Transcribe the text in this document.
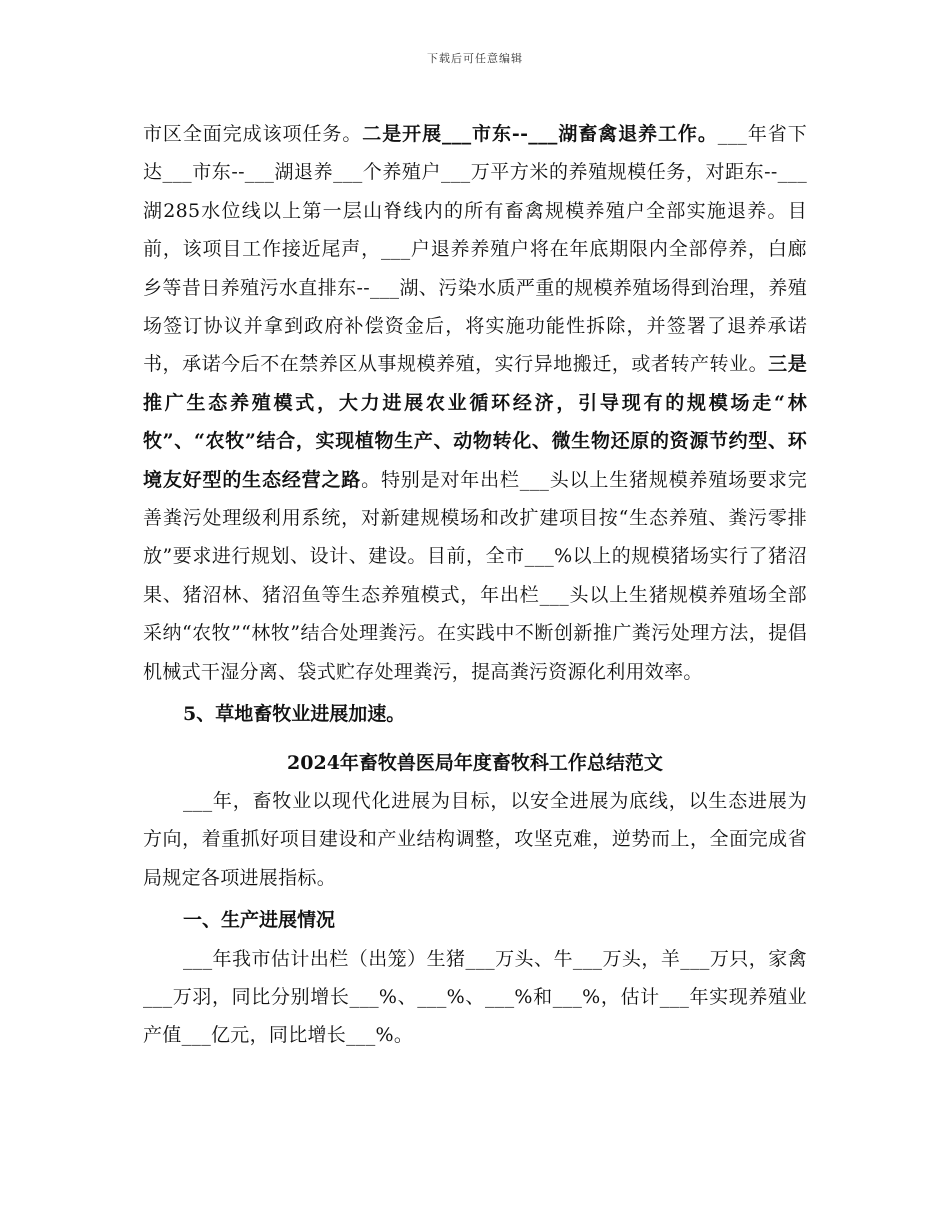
下载后可任意编辑

市区全面完成该项任务。二是开展___市东--___湖畜禽退养工作。___年省下达___市东--___湖退养___个养殖户___万平方米的养殖规模任务，对距东--___湖285水位线以上第一层山脊线内的所有畜禽规模养殖户全部实施退养。目前，该项目工作接近尾声，___户退养养殖户将在年底期限内全部停养，白廊乡等昔日养殖污水直排东--___湖、污染水质严重的规模养殖场得到治理，养殖场签订协议并拿到政府补偿资金后，将实施功能性拆除，并签署了退养承诺书，承诺今后不在禁养区从事规模养殖，实行异地搬迁，或者转产转业。三是推广生态养殖模式，大力进展农业循环经济，引导现有的规模场走“林牧”、“农牧”结合，实现植物生产、动物转化、微生物还原的资源节约型、环境友好型的生态经营之路。特别是对年出栏___头以上生猪规模养殖场要求完善粪污处理级利用系统，对新建规模场和改扩建项目按“生态养殖、粪污零排放”要求进行规划、设计、建设。目前，全市___%以上的规模猪场实行了猪沼果、猪沼林、猪沼鱼等生态养殖模式，年出栏___头以上生猪规模养殖场全部采纳“农牧”“林牧”结合处理粪污。在实践中不断创新推广粪污处理方法，提倡机械式干湿分离、袋式贮存处理粪污，提高粪污资源化利用效率。

5、草地畜牧业进展加速。

2024年畜牧兽医局年度畜牧科工作总结范文

___年，畜牧业以现代化进展为目标，以安全进展为底线，以生态进展为方向，着重抓好项目建设和产业结构调整，攻坚克难，逆势而上，全面完成省局规定各项进展指标。

一、生产进展情况

___年我市估计出栏（出笼）生猪___万头、牛___万头，羊___万只，家禽___万羽，同比分别增长___%、___%、___%和___%，估计___年实现养殖业产值___亿元，同比增长___%。
